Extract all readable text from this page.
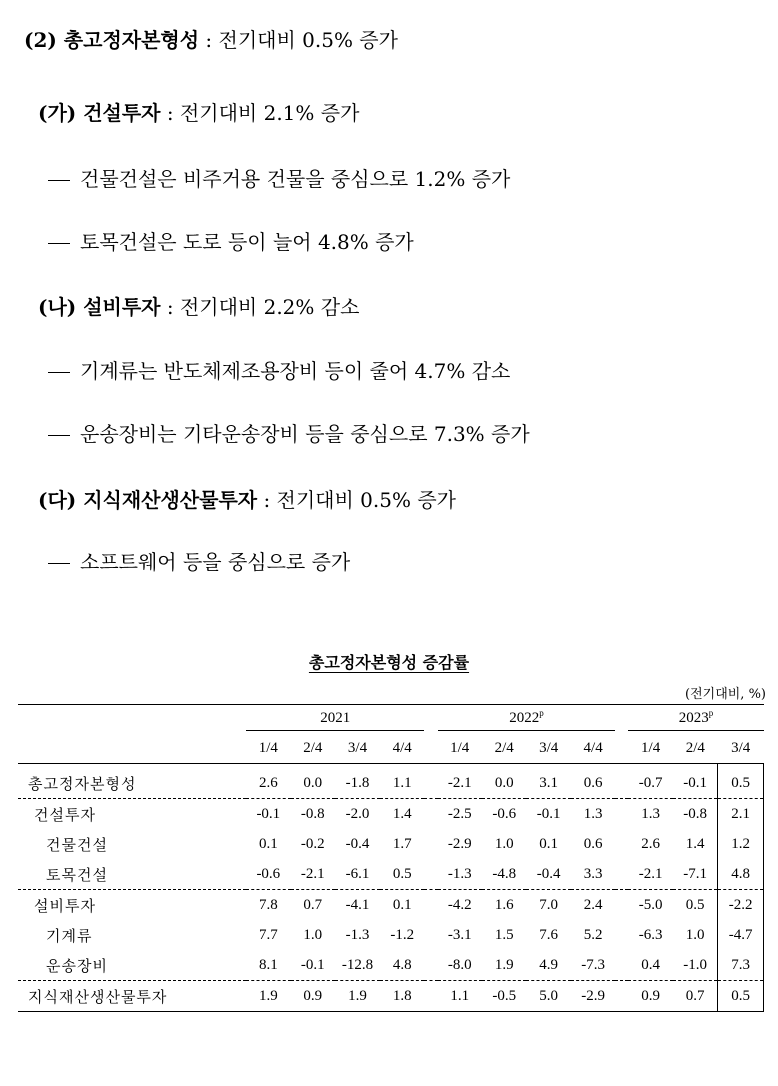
(2) 총고정자본형성 : 전기대비 0.5% 증가
(가) 건설투자 : 전기대비 2.1% 증가
건물건설은 비주거용 건물을 중심으로 1.2% 증가
토목건설은 도로 등이 늘어 4.8% 증가
(나) 설비투자 : 전기대비 2.2% 감소
기계류는 반도체제조용장비 등이 줄어 4.7% 감소
운송장비는 기타운송장비 등을 중심으로 7.3% 증가
(다) 지식재산생산물투자 : 전기대비 0.5% 증가
소프트웨어 등을 중심으로 증가
총고정자본형성 증감률
(전기대비, %)
	2021					2022$^p$					2023$^p$
	1/4	2/4	3/4	4/4		1/4	2/4	3/4	4/4		1/4	2/4	3/4
총고정자본형성	2.6	0.0	-1.8	1.1		-2.1	0.0	3.1	0.6		-0.7	-0.1	0.5
건설투자	-0.1	-0.8	-2.0	1.4		-2.5	-0.6	-0.1	1.3		1.3	-0.8	2.1
건물건설	0.1	-0.2	-0.4	1.7		-2.9	1.0	0.1	0.6		2.6	1.4	1.2
토목건설	-0.6	-2.1	-6.1	0.5		-1.3	-4.8	-0.4	3.3		-2.1	-7.1	4.8
설비투자	7.8	0.7	-4.1	0.1		-4.2	1.6	7.0	2.4		-5.0	0.5	-2.2
기계류	7.7	1.0	-1.3	-1.2		-3.1	1.5	7.6	5.2		-6.3	1.0	-4.7
운송장비	8.1	-0.1	-12.8	4.8		-8.0	1.9	4.9	-7.3		0.4	-1.0	7.3
지식재산생산물투자	1.9	0.9	1.9	1.8		1.1	-0.5	5.0	-2.9		0.9	0.7	0.5
